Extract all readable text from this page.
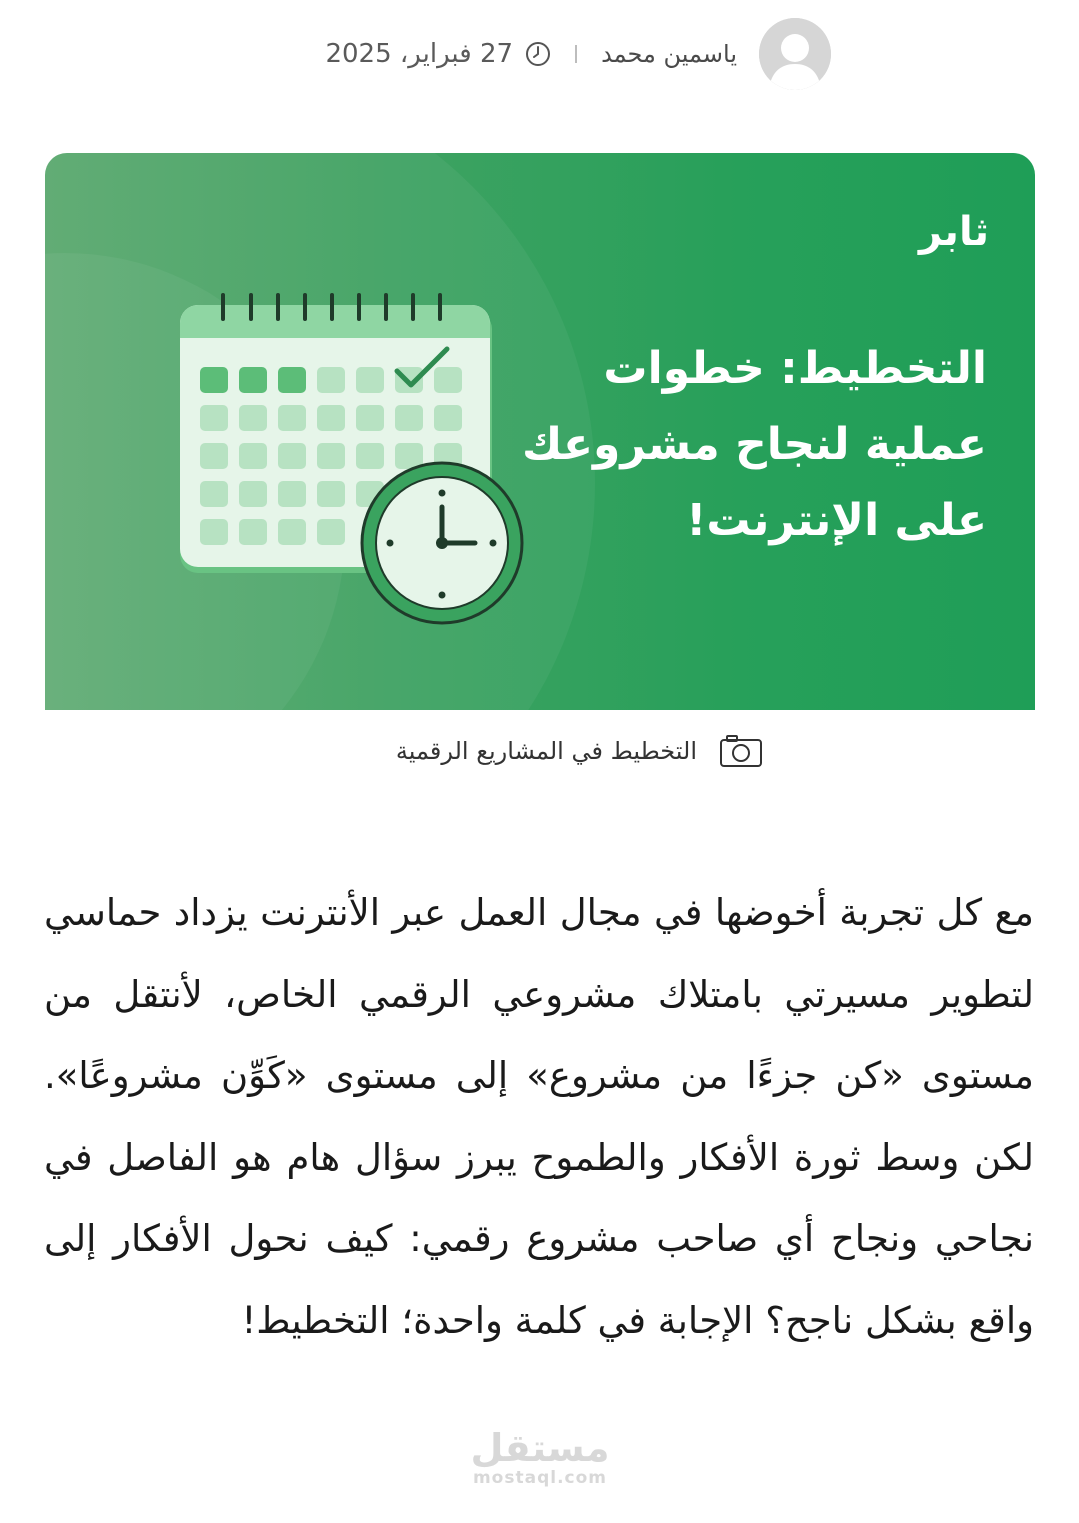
ياسمين محمد
27 فبراير، 2025
ثابر
التخطيط: خطوات عملية لنجاح مشروعك على الإنترنت!
التخطيط في المشاريع الرقمية

مع كل تجربة أخوضها في مجال العمل عبر الأنترنت يزداد حماسي لتطوير مسيرتي بامتلاك مشروعي الرقمي الخاص، لأنتقل من مستوى «كن جزءًا من مشروع» إلى مستوى «كَوِّن مشروعًا». لكن وسط ثورة الأفكار والطموح يبرز سؤال هام هو الفاصل في نجاحي ونجاح أي صاحب مشروع رقمي: كيف نحول الأفكار إلى واقع بشكل ناجح؟ الإجابة في كلمة واحدة؛ التخطيط!

مستقل
mostaql.com
